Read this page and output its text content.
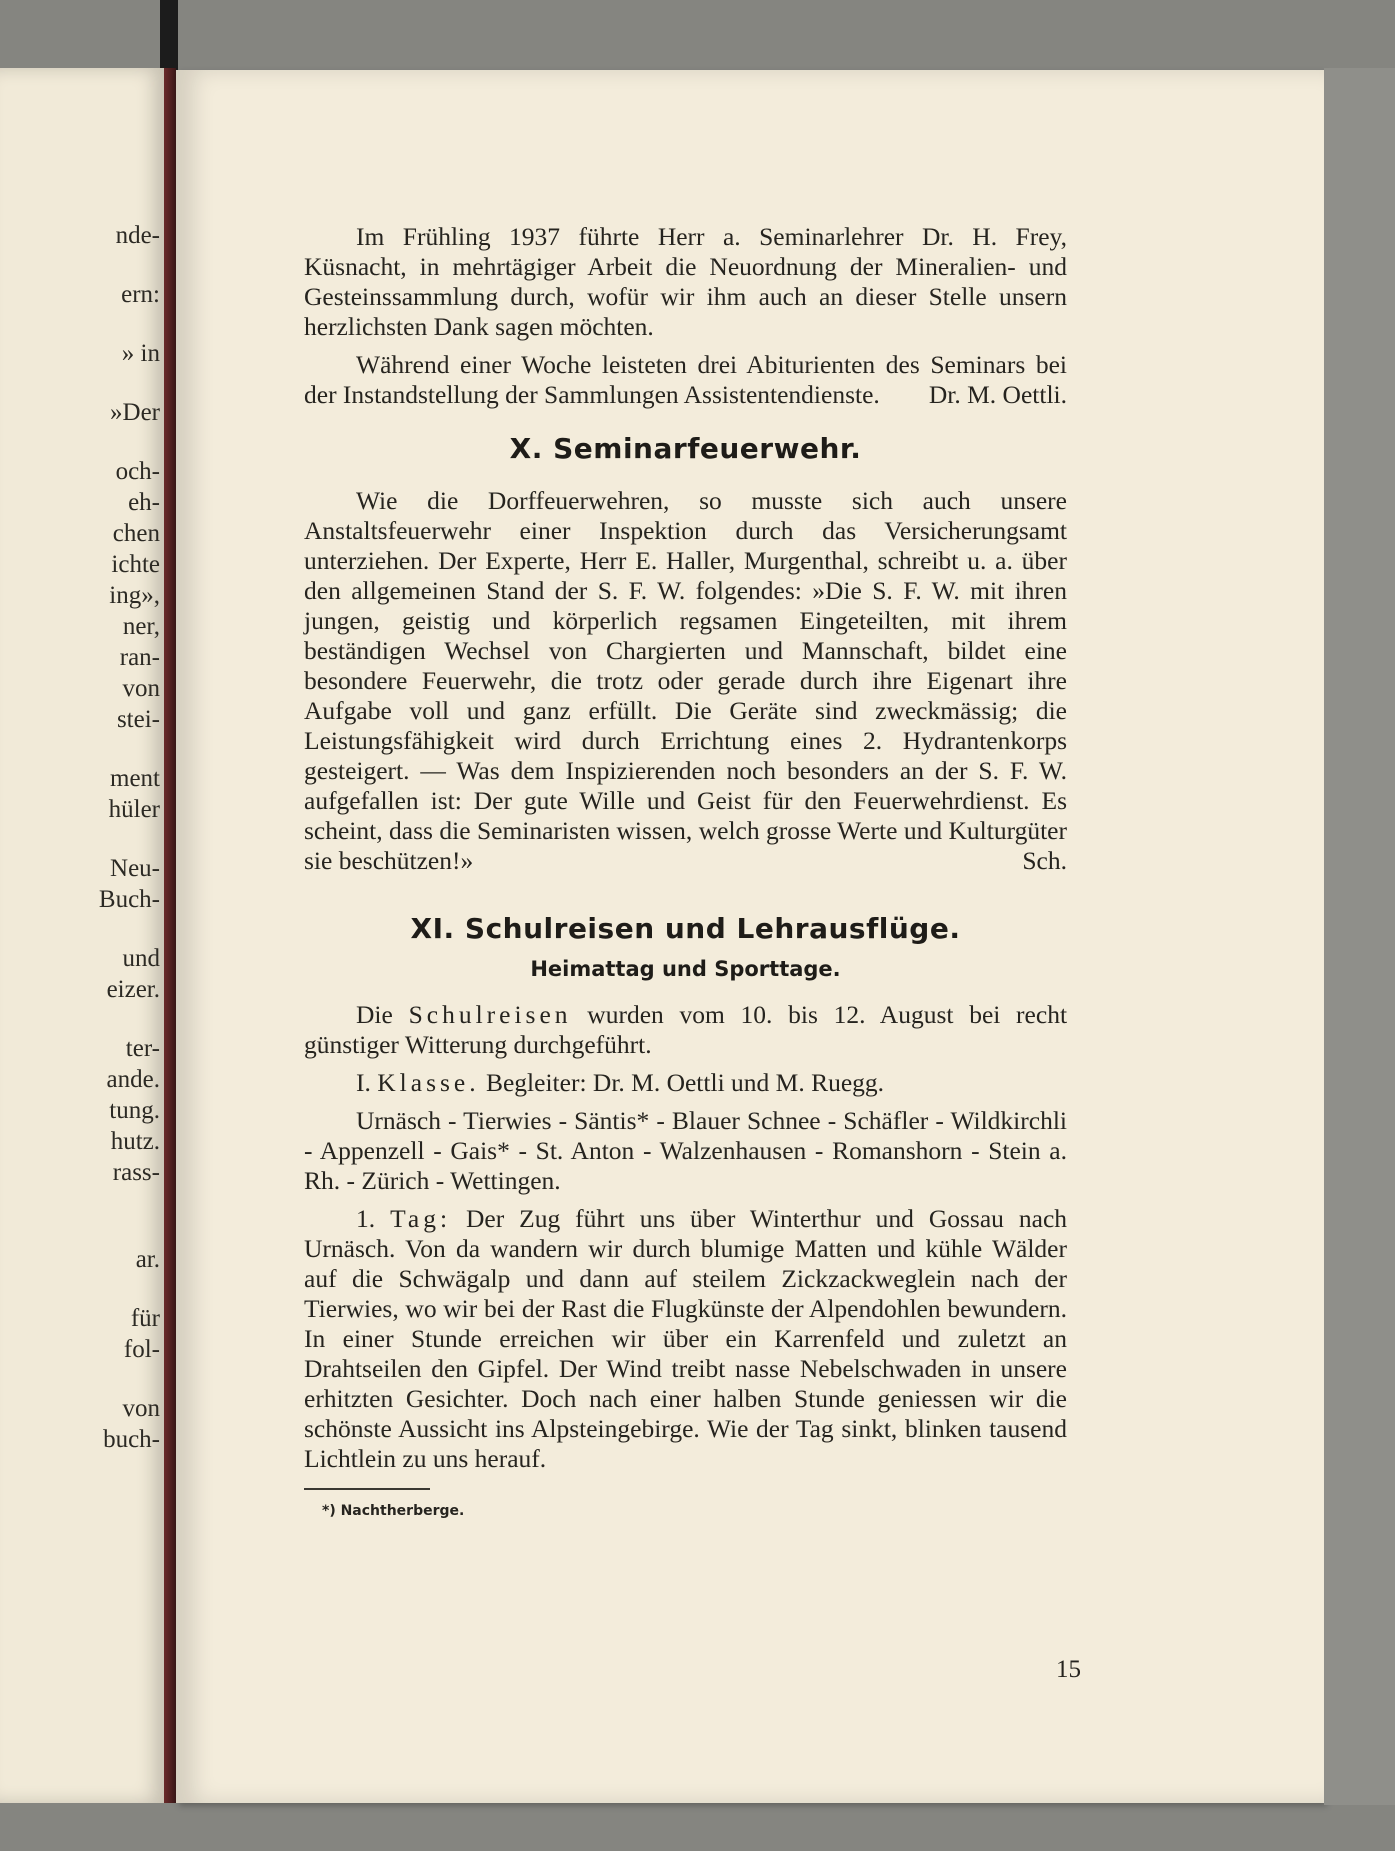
nde-
ern:
» in
»Der
och-
eh-
chen
ichte
ing»,
ner,
ran-
von
stei-
ment
hüler
Neu-
Buch-
und
eizer.
ter-
ande.
tung.
hutz.
rass-
ar.
für
fol-
von
buch-

Im Frühling 1937 führte Herr a. Seminarlehrer Dr. H. Frey, Küsnacht, in mehrtägiger Arbeit die Neuordnung der Mineralien- und Gesteinssammlung durch, wofür wir ihm auch an dieser Stelle unsern herzlichsten Dank sagen möchten.

Während einer Woche leisteten drei Abiturienten des Seminars bei der Instandstellung der Sammlungen Assistentendienste.	Dr. M. Oettli.
X. Seminarfeuerwehr.

Wie die Dorffeuerwehren, so musste sich auch unsere Anstaltsfeuerwehr einer Inspektion durch das Versicherungsamt unterziehen. Der Experte, Herr E. Haller, Murgenthal, schreibt u. a. über den allgemeinen Stand der S. F. W. folgendes: »Die S. F. W. mit ihren jungen, geistig und körperlich regsamen Eingeteilten, mit ihrem beständigen Wechsel von Chargierten und Mannschaft, bildet eine besondere Feuerwehr, die trotz oder gerade durch ihre Eigenart ihre Aufgabe voll und ganz erfüllt. Die Geräte sind zweckmässig; die Leistungsfähigkeit wird durch Errichtung eines 2. Hydrantenkorps gesteigert. — Was dem Inspizierenden noch besonders an der S. F. W. aufgefallen ist: Der gute Wille und Geist für den Feuerwehrdienst. Es scheint, dass die Seminaristen wissen, welch grosse Werte und Kulturgüter sie beschützen!»	Sch.
XI. Schulreisen und Lehrausflüge.
Heimattag und Sporttage.

Die Schulreisen wurden vom 10. bis 12. August bei recht günstiger Witterung durchgeführt.

I. Klasse. Begleiter: Dr. M. Oettli und M. Ruegg.

Urnäsch - Tierwies - Säntis* - Blauer Schnee - Schäfler - Wildkirchli - Appenzell - Gais* - St. Anton - Walzenhausen - Romanshorn - Stein a. Rh. - Zürich - Wettingen.

1. Tag: Der Zug führt uns über Winterthur und Gossau nach Urnäsch. Von da wandern wir durch blumige Matten und kühle Wälder auf die Schwägalp und dann auf steilem Zickzackweglein nach der Tierwies, wo wir bei der Rast die Flugkünste der Alpendohlen bewundern. In einer Stunde erreichen wir über ein Karrenfeld und zuletzt an Drahtseilen den Gipfel. Der Wind treibt nasse Nebelschwaden in unsere erhitzten Gesichter. Doch nach einer halben Stunde geniessen wir die schönste Aussicht ins Alpsteingebirge. Wie der Tag sinkt, blinken tausend Lichtlein zu uns herauf.

*) Nachtherberge.
15
